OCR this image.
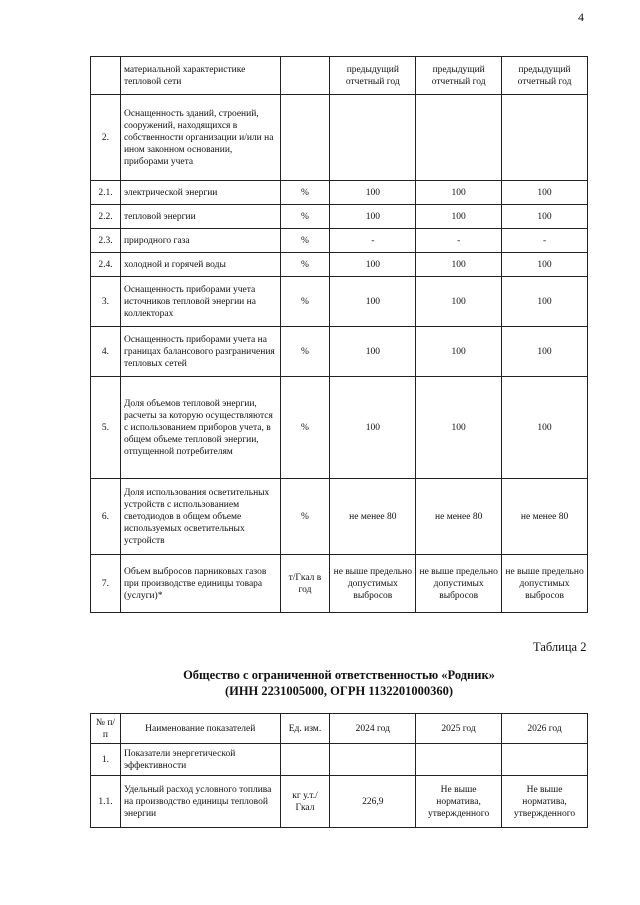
4
	материальной характеристике тепловой сети		предыдущий отчетный год	предыдущий отчетный год	предыдущий отчетный год
2.	Оснащенность зданий, строений, сооружений, находящихся в собственности организации и/или на ином законном основании, приборами учета				
2.1.	электрической энергии	%	100	100	100
2.2.	тепловой энергии	%	100	100	100
2.3.	природного газа	%	-	-	-
2.4.	холодной и горячей воды	%	100	100	100
3.	Оснащенность приборами учета источников тепловой энергии на коллекторах	%	100	100	100
4.	Оснащенность приборами учета на границах балансового разграничения тепловых сетей	%	100	100	100
5.	Доля объемов тепловой энергии, расчеты за которую осуществляются с использованием приборов учета, в общем объеме тепловой энергии, отпущенной потребителям	%	100	100	100
6.	Доля использования осветительных устройств с использованием светодиодов в общем объеме используемых осветительных устройств	%	не менее 80	не менее 80	не менее 80
7.	Объем выбросов парниковых газов при производстве единицы товара (услуги)*	т/Гкал в год	не выше предельно допустимых выбросов	не выше предельно допустимых выбросов	не выше предельно допустимых выбросов
Таблица 2
Общество с ограниченной ответственностью «Родник»
(ИНН 2231005000, ОГРН 1132201000360)
№ п/п	Наименование показателей	Ед. изм.	2024 год	2025 год	2026 год
1.	Показатели энергетической эффективности				
1.1.	Удельный расход условного топлива на производство единицы тепловой энергии	кг у.т./ Гкал	226,9	Не выше норматива, утвержденного	Не выше норматива, утвержденного
